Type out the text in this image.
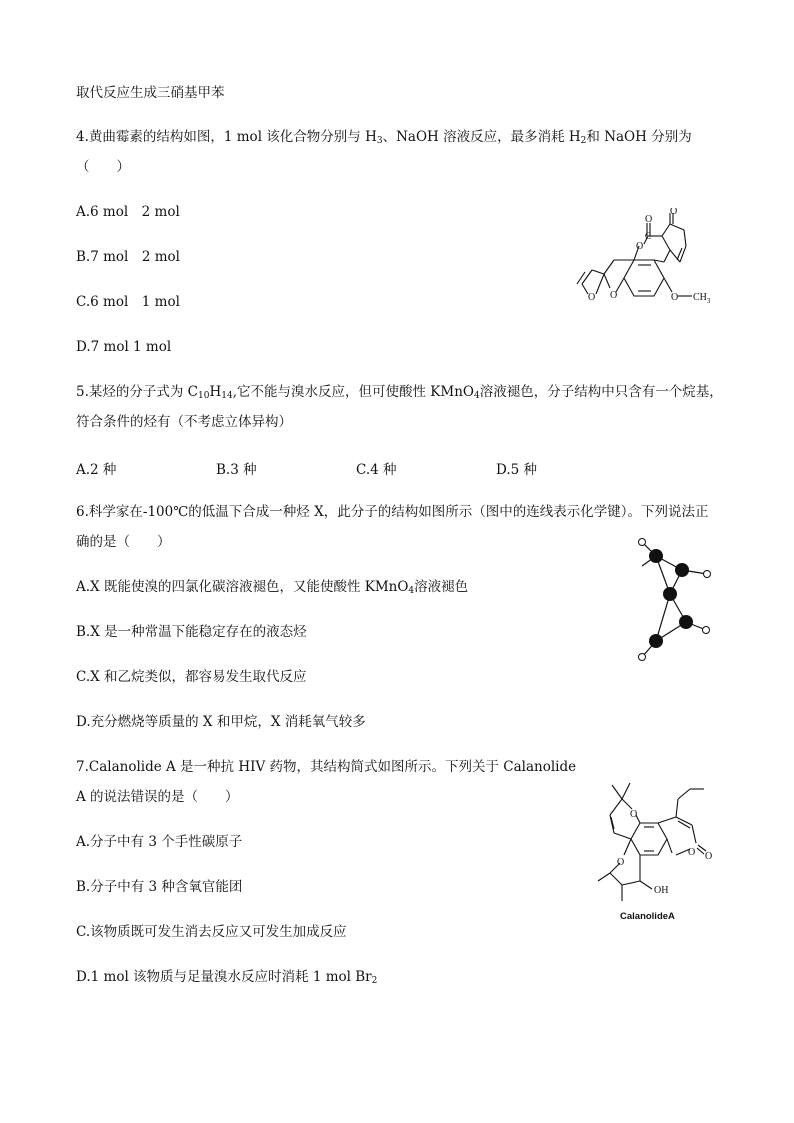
取代反应生成三硝基甲苯
4.黄曲霉素的结构如图，1 mol 该化合物分别与 $H_3$、NaOH 溶液反应，最多消耗 $H_2$和 NaOH 分别为
（　　）
A.6 mol　2 mol
B.7 mol　2 mol
C.6 mol　1 mol
D.7 mol 1 mol
O
O
C
O
O O	O $CH_3$
5.某烃的分子式为 $C_{10}H_{14}$,它不能与溴水反应，但可使酸性 KMnO$_4$溶液褪色，分子结构中只含有一个烷基，
符合条件的烃有（不考虑立体异构）
A.2 种	B.3 种	C.4 种	D.5 种
6.科学家在-100℃的低温下合成一种烃 X，此分子的结构如图所示（图中的连线表示化学键）。下列说法正
确的是（　　）
A.X 既能使溴的四氯化碳溶液褪色，又能使酸性 KMnO$_4$溶液褪色
B.X 是一种常温下能稳定存在的液态烃
C.X 和乙烷类似，都容易发生取代反应
D.充分燃烧等质量的 X 和甲烷，X 消耗氧气较多
7.Calanolide A 是一种抗 HIV 药物，其结构简式如图所示。下列关于 Calanolide
A 的说法错误的是（　　）
A.分子中有 3 个手性碳原子
B.分子中有 3 种含氧官能团
C.该物质既可发生消去反应又可发生加成反应
D.1 mol 该物质与足量溴水反应时消耗 1 mol $Br_2$
O
O O
O
OH
CalanolideA
